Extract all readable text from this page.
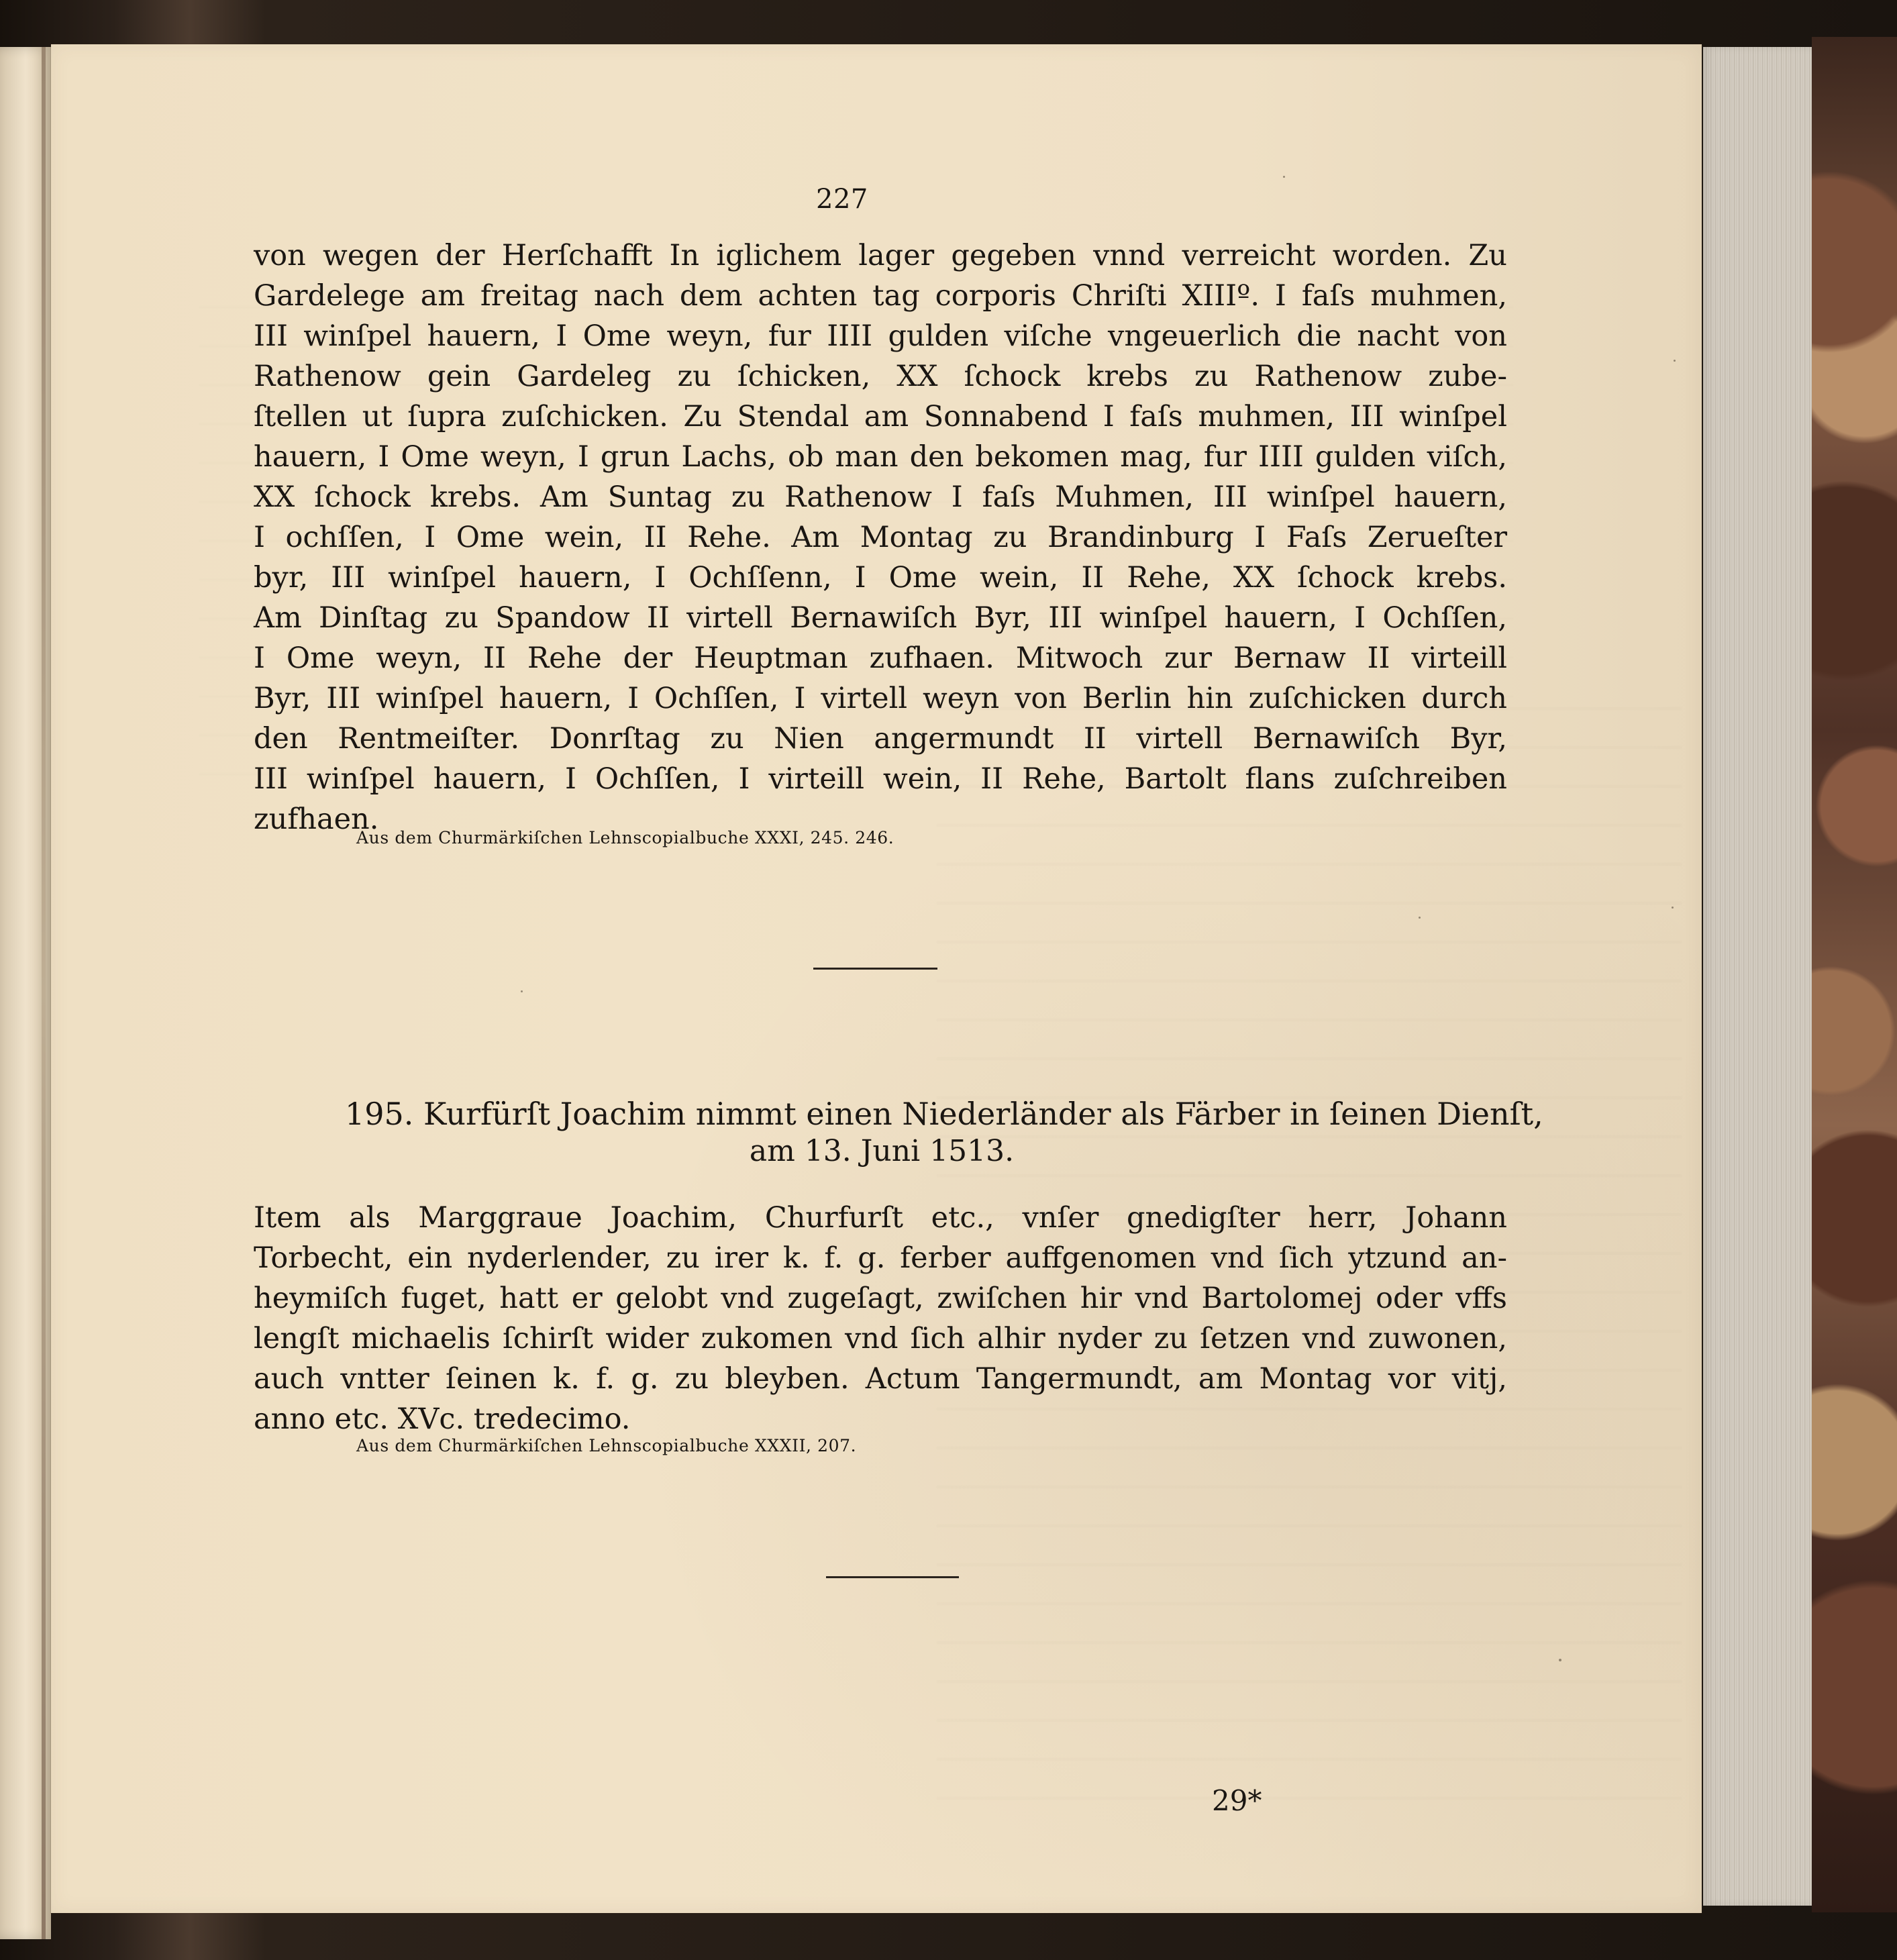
227
von wegen der Herſchafft In iglichem lager gegeben vnnd verreicht worden. Zu
Gardelege am freitag nach dem achten tag corporis Chriſti XIIIº. I faſs muhmen,
III winſpel hauern, I Ome weyn, fur IIII gulden viſche vngeuerlich die nacht von
Rathenow gein Gardeleg zu ſchicken, XX ſchock krebs zu Rathenow zube-
ſtellen ut ſupra zuſchicken. Zu Stendal am Sonnabend I faſs muhmen, III winſpel
hauern, I Ome weyn, I grun Lachs, ob man den bekomen mag, fur IIII gulden viſch,
XX ſchock krebs. Am Suntag zu Rathenow I faſs Muhmen, III winſpel hauern,
I ochſſen, I Ome wein, II Rehe. Am Montag zu Brandinburg I Faſs Zerueſter
byr, III winſpel hauern, I Ochſſenn, I Ome wein, II Rehe, XX ſchock krebs.
Am Dinſtag zu Spandow II virtell Bernawiſch Byr, III winſpel hauern, I Ochſſen,
I Ome weyn, II Rehe der Heuptman zufhaen. Mitwoch zur Bernaw II virteill
Byr, III winſpel hauern, I Ochſſen, I virtell weyn von Berlin hin zuſchicken durch
den Rentmeiſter. Donrſtag zu Nien angermundt II virtell Bernawiſch Byr,
III winſpel hauern, I Ochſſen, I virteill wein, II Rehe, Bartolt flans zuſchreiben
zufhaen.
Aus dem Churmärkiſchen Lehnscopialbuche XXXI, 245. 246.
195. Kurfürſt Joachim nimmt einen Niederländer als Färber in ſeinen Dienſt,
am 13. Juni 1513.
Item als Marggraue Joachim, Churfurſt etc., vnſer gnedigſter herr, Johann
Torbecht, ein nyderlender, zu irer k. f. g. ferber auffgenomen vnd ſich ytzund an-
heymiſch fuget, hatt er gelobt vnd zugeſagt, zwiſchen hir vnd Bartolomej oder vffs
lengſt michaelis ſchirſt wider zukomen vnd ſich alhir nyder zu ſetzen vnd zuwonen,
auch vntter ſeinen k. f. g. zu bleyben. Actum Tangermundt, am Montag vor vitj,
anno etc. XVc. tredecimo.
Aus dem Churmärkiſchen Lehnscopialbuche XXXII, 207.
29*
